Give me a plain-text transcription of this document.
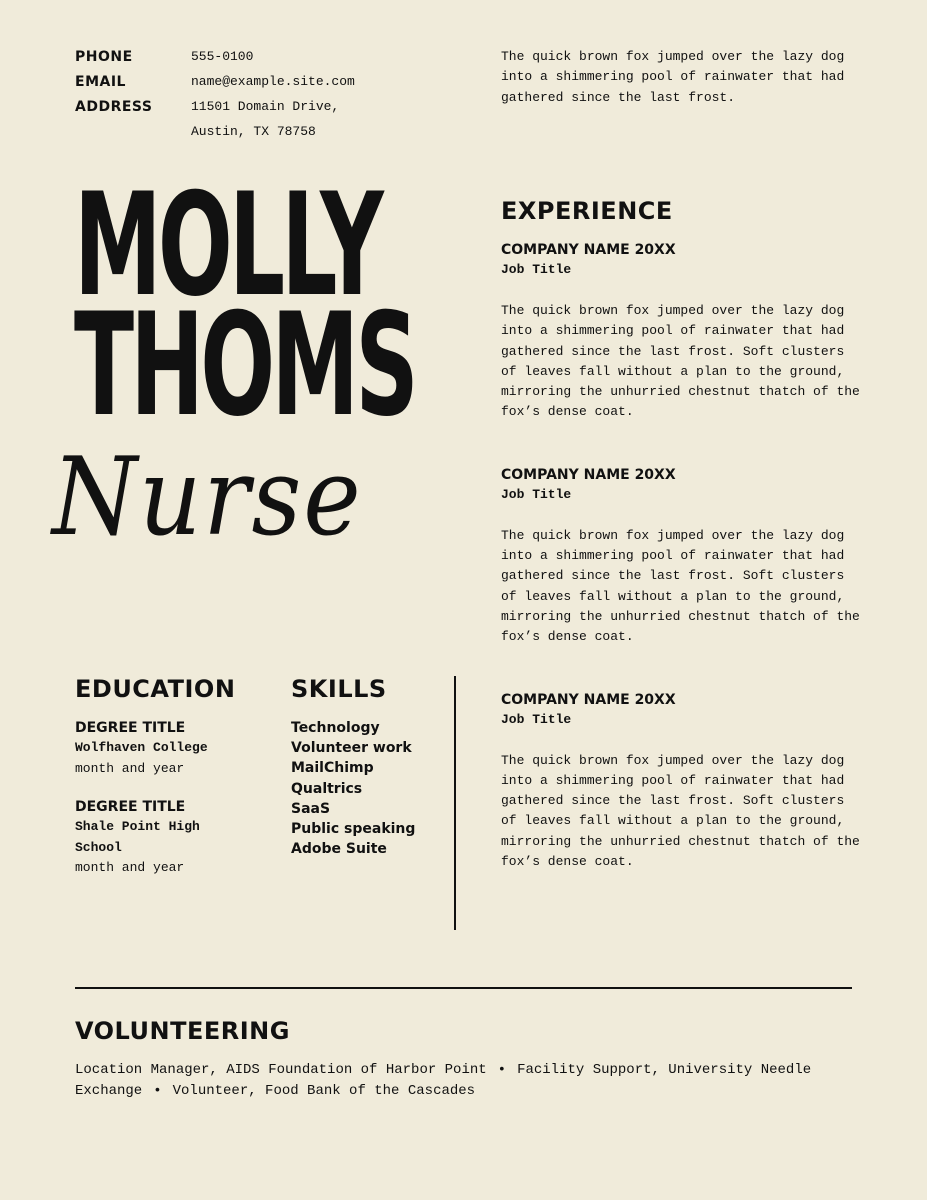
PHONE	555-0100
EMAIL	name@example.site.com
ADDRESS	11501 Domain Drive,
Austin, TX 78758
The quick brown fox jumped over the lazy dog into a shimmering pool of rainwater that had gathered since the last frost.
MOLLY
THOMS
Nurse
EXPERIENCE
COMPANY NAME 20XX
Job Title
The quick brown fox jumped over the lazy dog into a shimmering pool of rainwater that had gathered since the last frost. Soft clusters of leaves fall without a plan to the ground, mirroring the unhurried chestnut thatch of the fox’s dense coat.
COMPANY NAME 20XX
Job Title
The quick brown fox jumped over the lazy dog into a shimmering pool of rainwater that had gathered since the last frost. Soft clusters of leaves fall without a plan to the ground, mirroring the unhurried chestnut thatch of the fox’s dense coat.
COMPANY NAME 20XX
Job Title
The quick brown fox jumped over the lazy dog into a shimmering pool of rainwater that had gathered since the last frost. Soft clusters of leaves fall without a plan to the ground, mirroring the unhurried chestnut thatch of the fox’s dense coat.
EDUCATION
DEGREE TITLE
Wolfhaven College
month and year
DEGREE TITLE
Shale Point High School
month and year
SKILLS
Technology
Volunteer work
MailChimp
Qualtrics
SaaS
Public speaking
Adobe Suite
VOLUNTEERING
Location Manager, AIDS Foundation of Harbor Point • Facility Support, University Needle Exchange • Volunteer, Food Bank of the Cascades
